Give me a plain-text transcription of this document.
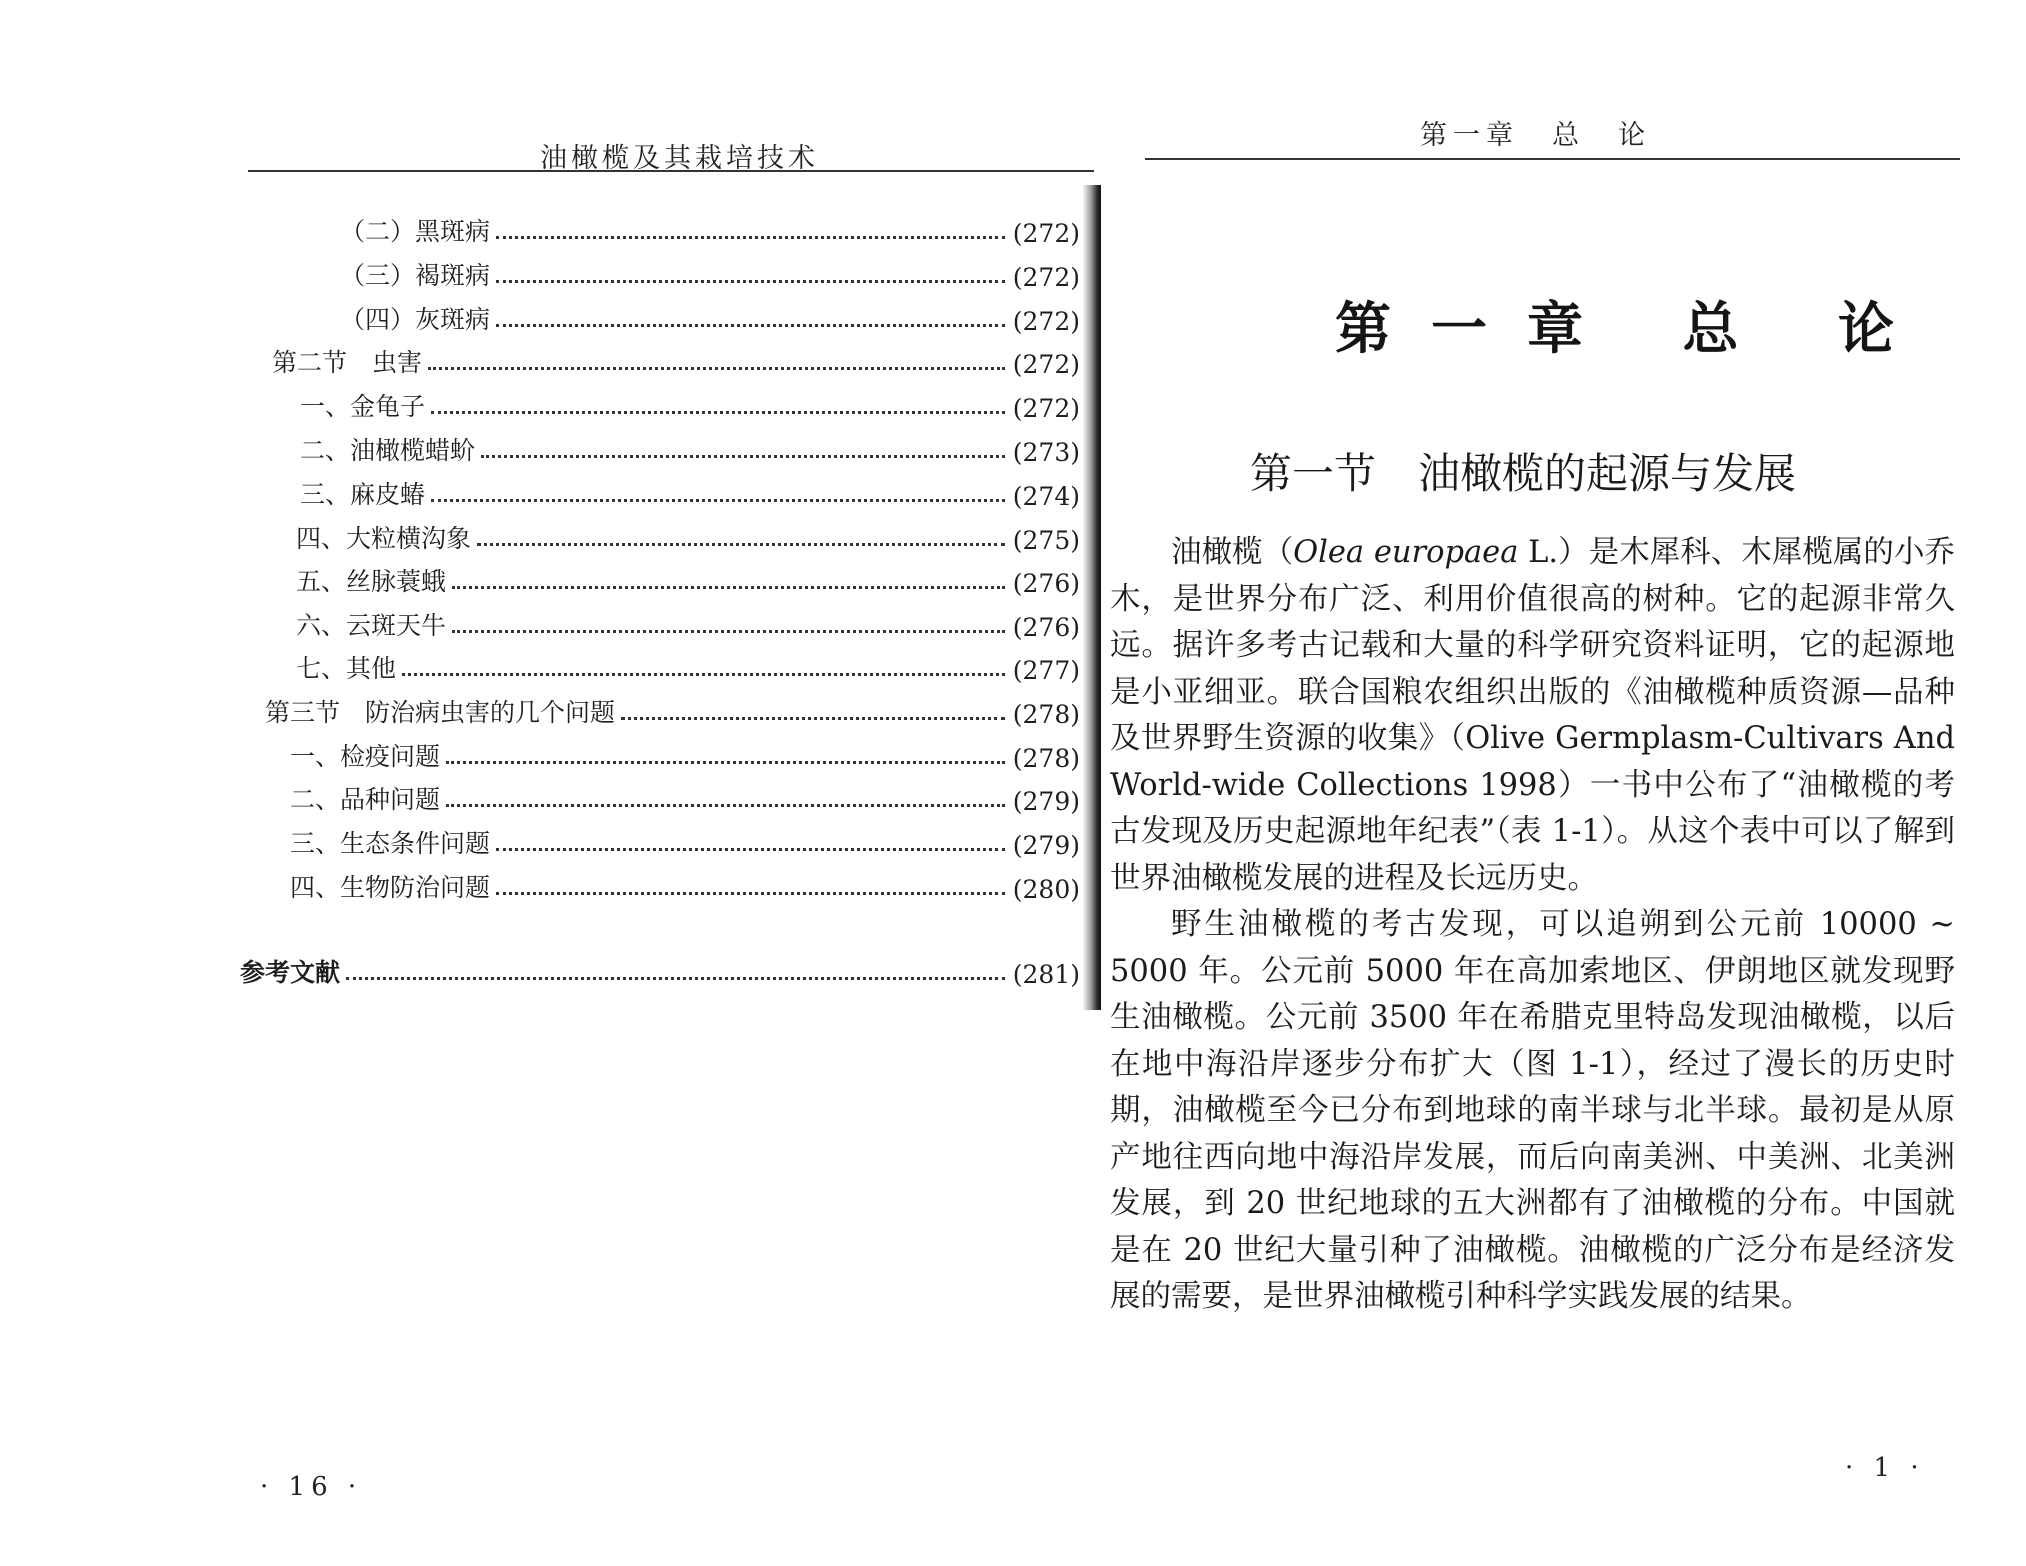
油橄榄及其栽培技术
（二）黑斑病	(272)
（三）褐斑病	(272)
（四）灰斑病	(272)
第二节　虫害	(272)
一、金龟子	(272)
二、油橄榄蜡蚧	(273)
三、麻皮蝽	(274)
四、大粒横沟象	(275)
五、丝脉蓑蛾	(276)
六、云斑天牛	(276)
七、其他	(277)
第三节　防治病虫害的几个问题	(278)
一、检疫问题	(278)
二、品种问题	(279)
三、生态条件问题	(279)
四、生物防治问题	(280)
参考文献	(281)
· 16 ·
第一章　总　论
第一章 总 论
第一节　油橄榄的起源与发展

油橄榄（Olea europaea L.）是木犀科、木犀榄属的小乔木，是世界分布广泛、利用价值很高的树种。它的起源非常久远。据许多考古记载和大量的科学研究资料证明，它的起源地是小亚细亚。联合国粮农组织出版的《油橄榄种质资源—品种及世界野生资源的收集》（Olive Germplasm-Cultivars And World-wide Collections 1998）一书中公布了“油橄榄的考古发现及历史起源地年纪表”（表 1-1）。从这个表中可以了解到世界油橄榄发展的进程及长远历史。

野生油橄榄的考古发现，可以追朔到公元前 10000 ~ 5000 年。公元前 5000 年在高加索地区、伊朗地区就发现野生油橄榄。公元前 3500 年在希腊克里特岛发现油橄榄，以后在地中海沿岸逐步分布扩大（图 1-1），经过了漫长的历史时期，油橄榄至今已分布到地球的南半球与北半球。最初是从原产地往西向地中海沿岸发展，而后向南美洲、中美洲、北美洲发展，到 20 世纪地球的五大洲都有了油橄榄的分布。中国就是在 20 世纪大量引种了油橄榄。油橄榄的广泛分布是经济发展的需要，是世界油橄榄引种科学实践发展的结果。

· 1 ·
